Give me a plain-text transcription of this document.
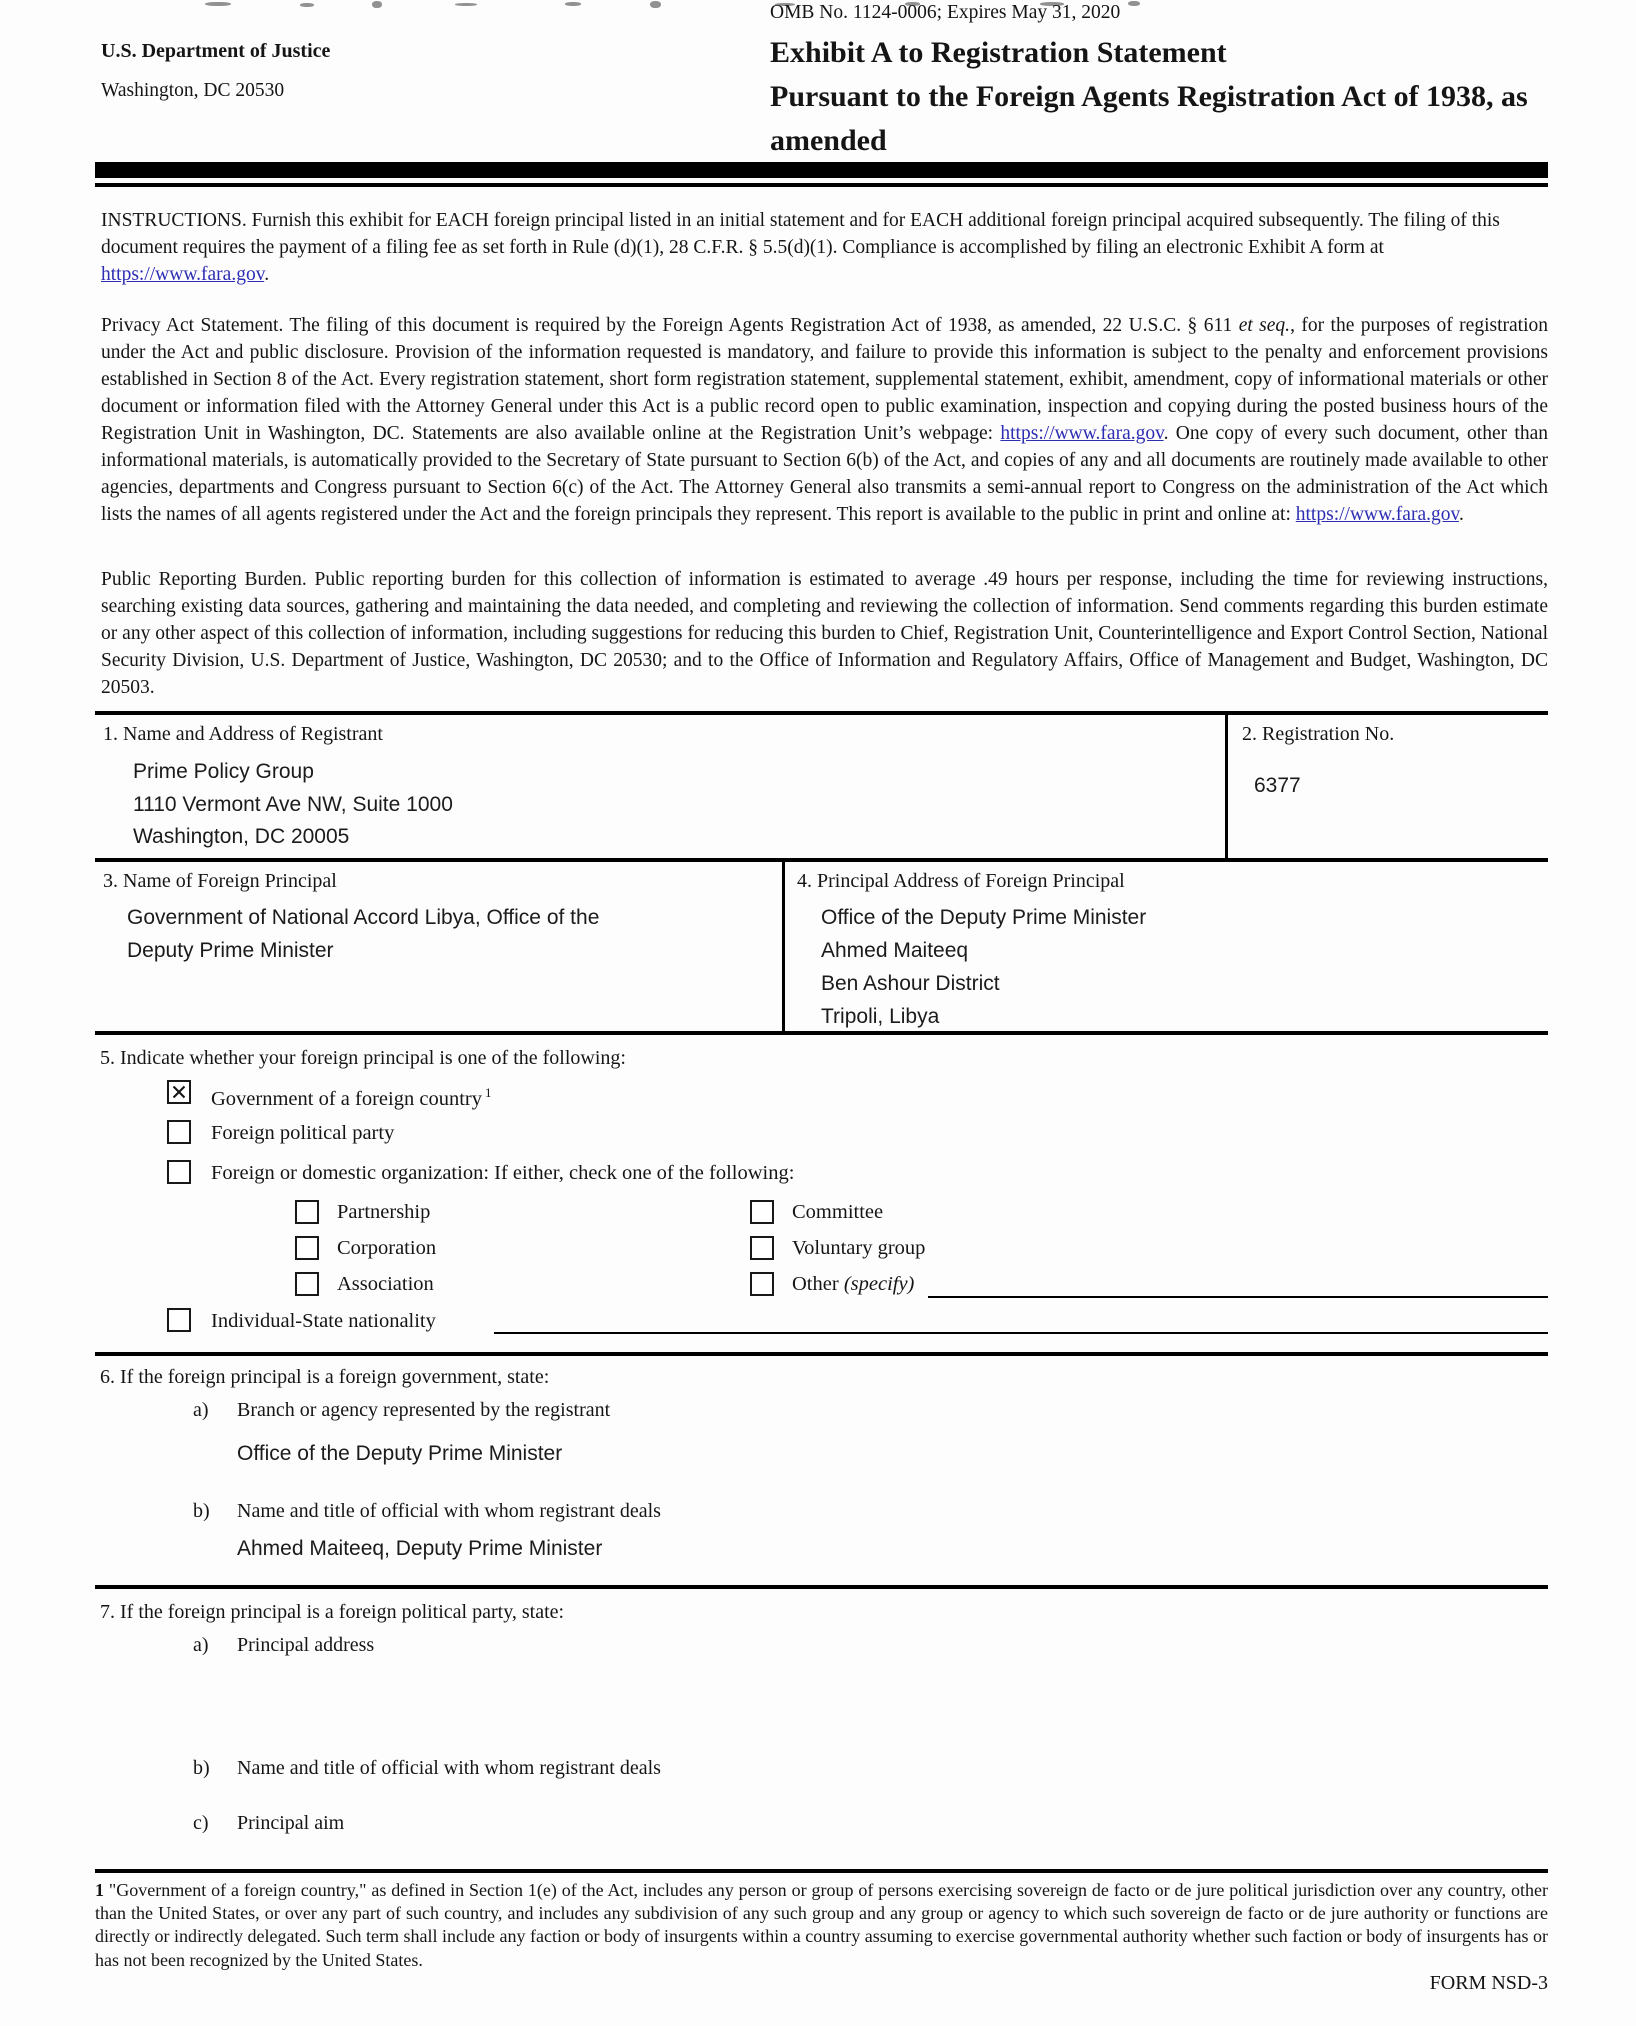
U.S. Department of Justice
Washington, DC 20530
OMB No. 1124-0006; Expires May 31, 2020
Exhibit A to Registration Statement
Pursuant to the Foreign Agents Registration Act of 1938, as amended

INSTRUCTIONS. Furnish this exhibit for EACH foreign principal listed in an initial statement and for EACH additional foreign principal acquired subsequently. The filing of this document requires the payment of a filing fee as set forth in Rule (d)(1), 28 C.F.R. § 5.5(d)(1). Compliance is accomplished by filing an electronic Exhibit A form at https://www.fara.gov.

Privacy Act Statement. The filing of this document is required by the Foreign Agents Registration Act of 1938, as amended, 22 U.S.C. § 611 et seq., for the purposes of registration under the Act and public disclosure. Provision of the information requested is mandatory, and failure to provide this information is subject to the penalty and enforcement provisions established in Section 8 of the Act. Every registration statement, short form registration statement, supplemental statement, exhibit, amendment, copy of informational materials or other document or information filed with the Attorney General under this Act is a public record open to public examination, inspection and copying during the posted business hours of the Registration Unit in Washington, DC. Statements are also available online at the Registration Unit’s webpage: https://www.fara.gov. One copy of every such document, other than informational materials, is automatically provided to the Secretary of State pursuant to Section 6(b) of the Act, and copies of any and all documents are routinely made available to other agencies, departments and Congress pursuant to Section 6(c) of the Act. The Attorney General also transmits a semi-annual report to Congress on the administration of the Act which lists the names of all agents registered under the Act and the foreign principals they represent. This report is available to the public in print and online at: https://www.fara.gov.

Public Reporting Burden. Public reporting burden for this collection of information is estimated to average .49 hours per response, including the time for reviewing instructions, searching existing data sources, gathering and maintaining the data needed, and completing and reviewing the collection of information. Send comments regarding this burden estimate or any other aspect of this collection of information, including suggestions for reducing this burden to Chief, Registration Unit, Counterintelligence and Export Control Section, National Security Division, U.S. Department of Justice, Washington, DC 20530; and to the Office of Information and Regulatory Affairs, Office of Management and Budget, Washington, DC 20503.

1. Name and Address of Registrant
Prime Policy Group
1110 Vermont Ave NW, Suite 1000
Washington, DC 20005
2. Registration No.
6377
3. Name of Foreign Principal
Government of National Accord Libya, Office of the
Deputy Prime Minister
4. Principal Address of Foreign Principal
Office of the Deputy Prime Minister
Ahmed Maiteeq
Ben Ashour District
Tripoli, Libya
5. Indicate whether your foreign principal is one of the following:
Government of a foreign country $^1$
Foreign political party
Foreign or domestic organization: If either, check one of the following:
Partnership	Committee
Corporation	Voluntary group
Association	Other (specify)
Individual-State nationality
6. If the foreign principal is a foreign government, state:
a)	Branch or agency represented by the registrant
Office of the Deputy Prime Minister
b)	Name and title of official with whom registrant deals
Ahmed Maiteeq, Deputy Prime Minister
7. If the foreign principal is a foreign political party, state:
a)	Principal address
b)	Name and title of official with whom registrant deals
c)	Principal aim

1 "Government of a foreign country," as defined in Section 1(e) of the Act, includes any person or group of persons exercising sovereign de facto or de jure political jurisdiction over any country, other than the United States, or over any part of such country, and includes any subdivision of any such group and any group or agency to which such sovereign de facto or de jure authority or functions are directly or indirectly delegated. Such term shall include any faction or body of insurgents within a country assuming to exercise governmental authority whether such faction or body of insurgents has or has not been recognized by the United States.

FORM NSD-3
